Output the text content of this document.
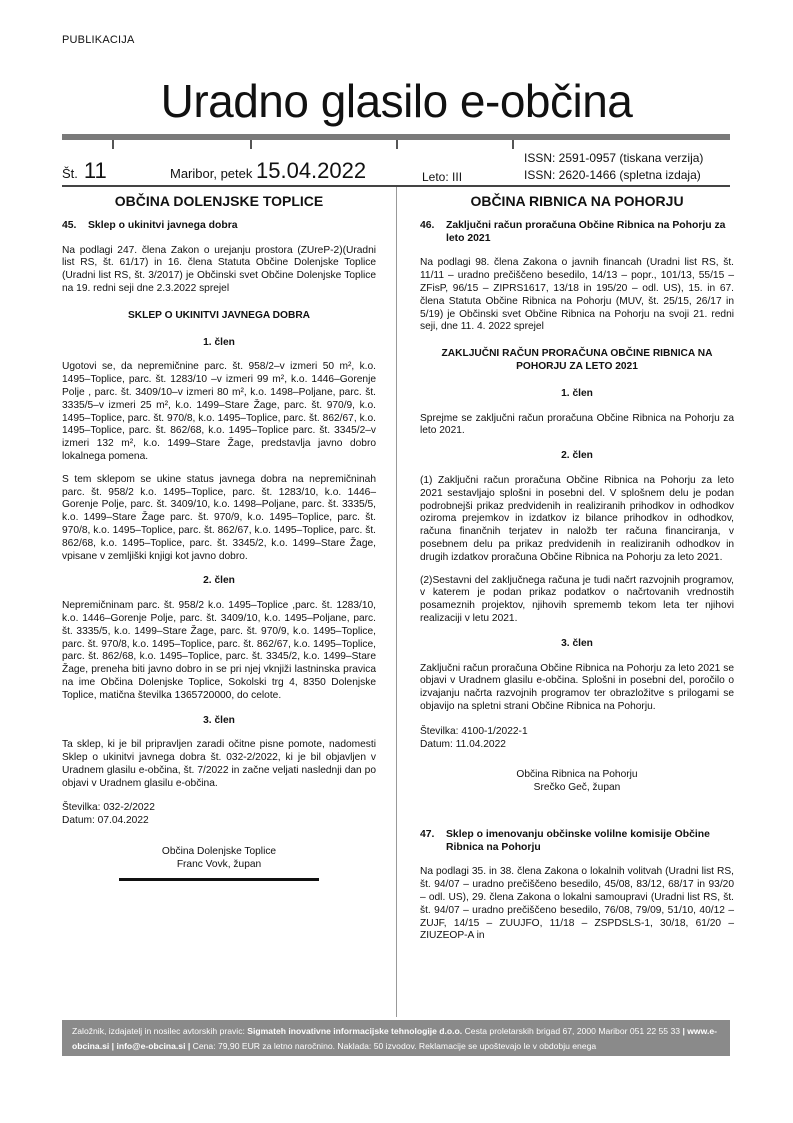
PUBLIKACIJA
Uradno glasilo e-občina
Št. 11	Maribor, petek 15.04.2022	Leto: III
ISSN: 2591-0957 (tiskana verzija)
ISSN: 2620-1466 (spletna izdaja)
OBČINA DOLENJSKE TOPLICE
45.	Sklep o ukinitvi javnega dobra
Na podlagi 247. člena Zakon o urejanju prostora (ZUreP-2)(Uradni list RS, št. 61/17) in 16. člena Statuta Občine Dolenjske Toplice (Uradni list RS, št. 3/2017) je Občinski svet Občine Dolenjske Toplice na 19. redni seji dne 2.3.2022 sprejel
SKLEP O UKINITVI JAVNEGA DOBRA
1. člen
Ugotovi se, da nepremičnine parc. št. 958/2–v izmeri 50 m², k.o. 1495–Toplice, parc. št. 1283/10 –v izmeri 99 m², k.o. 1446–Gorenje Polje , parc. št. 3409/10–v izmeri 80 m², k.o. 1498–Poljane, parc. št. 3335/5–v izmeri 25 m², k.o. 1499–Stare Žage, parc. št. 970/9, k.o. 1495–Toplice, parc. št. 970/8, k.o. 1495–Toplice, parc. št. 862/67, k.o. 1495–Toplice, parc. št. 862/68, k.o. 1495–Toplice parc. št. 3345/2–v izmeri 132 m², k.o. 1499–Stare Žage, predstavlja javno dobro lokalnega pomena.
S tem sklepom se ukine status javnega dobra na nepremičninah parc. št. 958/2 k.o. 1495–Toplice, parc. št. 1283/10, k.o. 1446–Gorenje Polje, parc. št. 3409/10, k.o. 1498–Poljane, parc. št. 3335/5, k.o. 1499–Stare Žage parc. št. 970/9, k.o. 1495–Toplice, parc. št. 970/8, k.o. 1495–Toplice, parc. št. 862/67, k.o. 1495–Toplice, parc. št. 862/68, k.o. 1495–Toplice, parc. št. 3345/2, k.o. 1499–Stare Žage, vpisane v zemljiški knjigi kot javno dobro.
2. člen
Nepremičninam parc. št. 958/2 k.o. 1495–Toplice ,parc. št. 1283/10, k.o. 1446–Gorenje Polje, parc. št. 3409/10, k.o. 1495–Poljane, parc. št. 3335/5, k.o. 1499–Stare Žage, parc. št. 970/9, k.o. 1495–Toplice, parc. št. 970/8, k.o. 1495–Toplice, parc. št. 862/67, k.o. 1495–Toplice, parc. št. 862/68, k.o. 1495–Toplice, parc. št. 3345/2, k.o. 1499–Stare Žage, preneha biti javno dobro in se pri njej vknjiži lastninska pravica na ime Občina Dolenjske Toplice, Sokolski trg 4, 8350 Dolenjske Toplice, matična številka 1365720000, do celote.
3. člen
Ta sklep, ki je bil pripravljen zaradi očitne pisne pomote, nadomesti Sklep o ukinitvi javnega dobra št. 032-2/2022, ki je bil objavljen v Uradnem glasilu e-občina, št. 7/2022 in začne veljati naslednji dan po objavi v Uradnem glasilu e-občina.
Številka: 032-2/2022
Datum: 07.04.2022
Občina Dolenjske Toplice
Franc Vovk, župan
OBČINA RIBNICA NA POHORJU
46.	Zaključni račun proračuna Občine Ribnica na Pohorju za leto 2021
Na podlagi 98. člena Zakona o javnih financah (Uradni list RS, št. 11/11 – uradno prečiščeno besedilo, 14/13 – popr., 101/13, 55/15 – ZFisP, 96/15 – ZIPRS1617, 13/18 in 195/20 – odl. US), 15. in 67. člena Statuta Občine Ribnica na Pohorju (MUV, št. 25/15, 26/17 in 5/19) je Občinski svet Občine Ribnica na Pohorju na svoji 21. redni seji, dne 11. 4. 2022 sprejel
ZAKLJUČNI RAČUN PRORAČUNA OBČINE RIBNICA NA POHORJU ZA LETO 2021
1. člen
Sprejme se zaključni račun proračuna Občine Ribnica na Pohorju za leto 2021.
2. člen
(1) Zaključni račun proračuna Občine Ribnica na Pohorju za leto 2021 sestavljajo splošni in posebni del. V splošnem delu je podan podrobnejši prikaz predvidenih in realiziranih prihodkov in odhodkov oziroma prejemkov in izdatkov iz bilance prihodkov in odhodkov, računa finančnih terjatev in naložb ter računa financiranja, v posebnem delu pa prikaz predvidenih in realiziranih odhodkov in drugih izdatkov proračuna Občine Ribnica na Pohorju za leto 2021.
(2)Sestavni del zaključnega računa je tudi načrt razvojnih programov, v katerem je podan prikaz podatkov o načrtovanih vrednostih posameznih projektov, njihovih sprememb tekom leta ter njihovi realizaciji v letu 2021.
3. člen
Zaključni račun proračuna Občine Ribnica na Pohorju za leto 2021 se objavi v Uradnem glasilu e-občina. Splošni in posebni del, poročilo o izvajanju načrta razvojnih programov ter obrazložitve s prilogami se objavijo na spletni strani Občine Ribnica na Pohorju.
Številka: 4100-1/2022-1
Datum: 11.04.2022
Občina Ribnica na Pohorju
Srečko Geč, župan
47.	Sklep o imenovanju občinske volilne komisije Občine Ribnica na Pohorju
Na podlagi 35. in 38. člena Zakona o lokalnih volitvah (Uradni list RS, št. 94/07 – uradno prečiščeno besedilo, 45/08, 83/12, 68/17 in 93/20 – odl. US), 29. člena Zakona o lokalni samoupravi (Uradni list RS, št. št. 94/07 – uradno prečiščeno besedilo, 76/08, 79/09, 51/10, 40/12 – ZUJF, 14/15 – ZUUJFO, 11/18 – ZSPDSLS-1, 30/18, 61/20 – ZIUZEOP-A in
Založnik, izdajatelj in nosilec avtorskih pravic: Sigmateh inovativne informacijske tehnologije d.o.o. Cesta proletarskih brigad 67, 2000 Maribor 051 22 55 33 | www.e-obcina.si | info@e-obcina.si | Cena: 79,90 EUR za letno naročnino. Naklada: 50 izvodov. Reklamacije se upoštevajo le v obdobju enega
